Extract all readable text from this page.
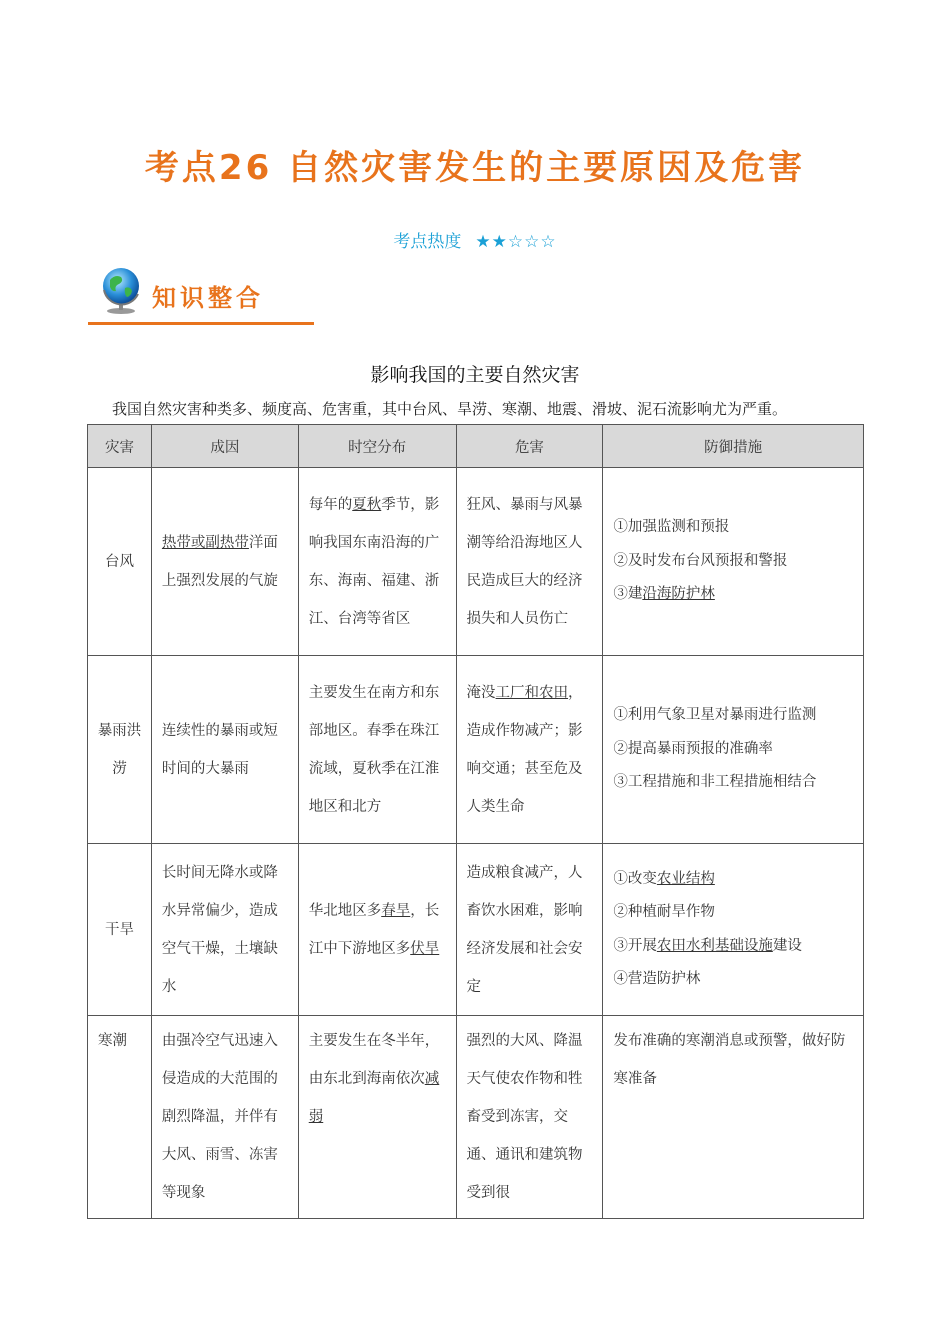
考点26 自然灾害发生的主要原因及危害
考点热度 ★★☆☆☆
知识整合
影响我国的主要自然灾害
我国自然灾害种类多、频度高、危害重，其中台风、旱涝、寒潮、地震、滑坡、泥石流影响尤为严重。
灾害	成因	时空分布	危害	防御措施
台风	热带或副热带洋面上强烈发展的气旋	每年的夏秋季节，影响我国东南沿海的广东、海南、福建、浙江、台湾等省区	狂风、暴雨与风暴潮等给沿海地区人民造成巨大的经济损失和人员伤亡	①加强监测和预报
②及时发布台风预报和警报
③建沿海防护林

暴雨洪涝	连续性的暴雨或短时间的大暴雨	主要发生在南方和东部地区。春季在珠江流域，夏秋季在江淮地区和北方	淹没工厂和农田，造成作物减产；影响交通；甚至危及人类生命	①利用气象卫星对暴雨进行监测
②提高暴雨预报的准确率
③工程措施和非工程措施相结合

干旱	长时间无降水或降水异常偏少，造成空气干燥，土壤缺水	华北地区多春旱，长江中下游地区多伏旱	造成粮食减产，人畜饮水困难，影响经济发展和社会安定	①改变农业结构
②种植耐旱作物
③开展农田水利基础设施建设
④营造防护林

寒潮	由强冷空气迅速入侵造成的大范围的剧烈降温，并伴有大风、雨雪、冻害等现象	主要发生在冬半年，由东北到海南依次减弱	强烈的大风、降温天气使农作物和牲畜受到冻害，交通、通讯和建筑物受到很	发布准确的寒潮消息或预警，做好防寒准备
